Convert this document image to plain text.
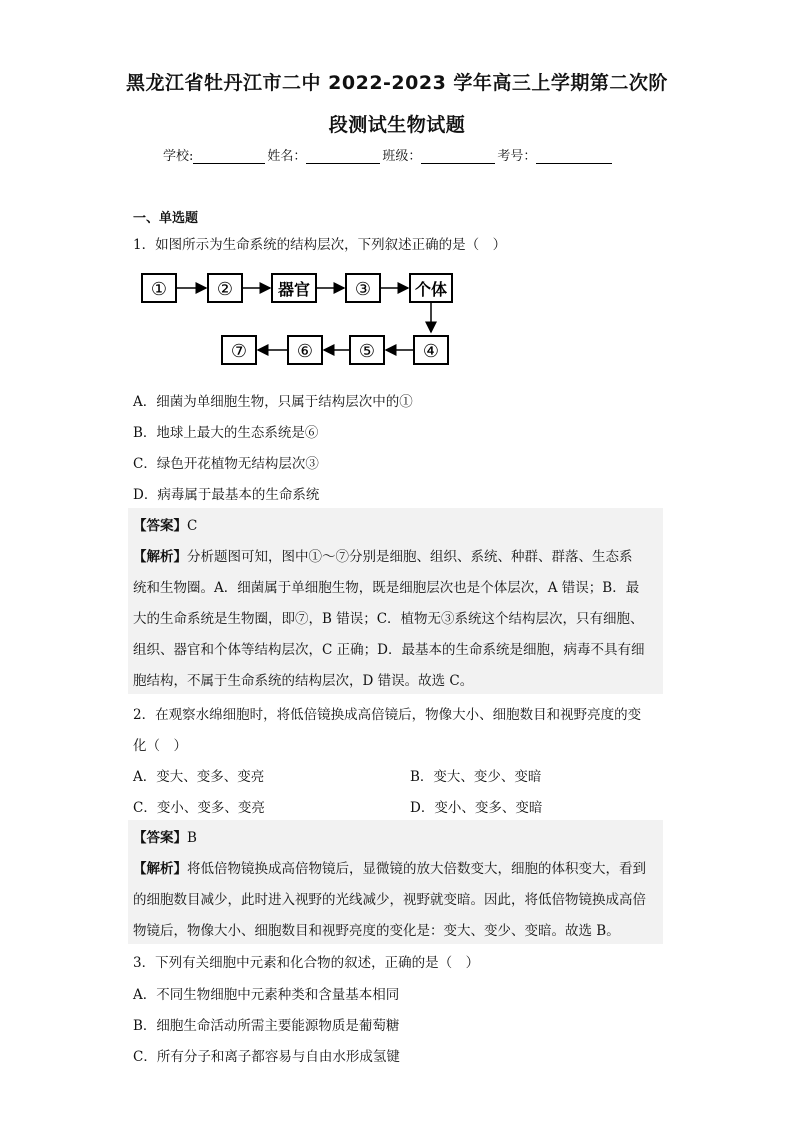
黑龙江省牡丹江市二中 2022-2023 学年高三上学期第二次阶
段测试生物试题
学校:	姓名：	班级：	考号：
一、单选题
1．如图所示为生命系统的结构层次，下列叙述正确的是（　）
①	②	器官 ③	个体
⑦	⑥	⑤	④
A．细菌为单细胞生物，只属于结构层次中的①
B．地球上最大的生态系统是⑥
C．绿色开花植物无结构层次③
D．病毒属于最基本的生命系统
【答案】C
【解析】分析题图可知，图中①～⑦分别是细胞、组织、系统、种群、群落、生态系
统和生物圈。A．细菌属于单细胞生物，既是细胞层次也是个体层次，A 错误；B．最
大的生命系统是生物圈，即⑦，B 错误；C．植物无③系统这个结构层次，只有细胞、
组织、器官和个体等结构层次，C 正确；D．最基本的生命系统是细胞，病毒不具有细
胞结构，不属于生命系统的结构层次，D 错误。故选 C。
2．在观察水绵细胞时，将低倍镜换成高倍镜后，物像大小、细胞数目和视野亮度的变
化（　）
A．变大、变多、变亮	B．变大、变少、变暗
C．变小、变多、变亮	D．变小、变多、变暗
【答案】B
【解析】将低倍物镜换成高倍物镜后，显微镜的放大倍数变大，细胞的体积变大，看到
的细胞数目减少，此时进入视野的光线减少，视野就变暗。因此，将低倍物镜换成高倍
物镜后，物像大小、细胞数目和视野亮度的变化是：变大、变少、变暗。故选 B。
3．下列有关细胞中元素和化合物的叙述，正确的是（　）
A．不同生物细胞中元素种类和含量基本相同
B．细胞生命活动所需主要能源物质是葡萄糖
C．所有分子和离子都容易与自由水形成氢键
